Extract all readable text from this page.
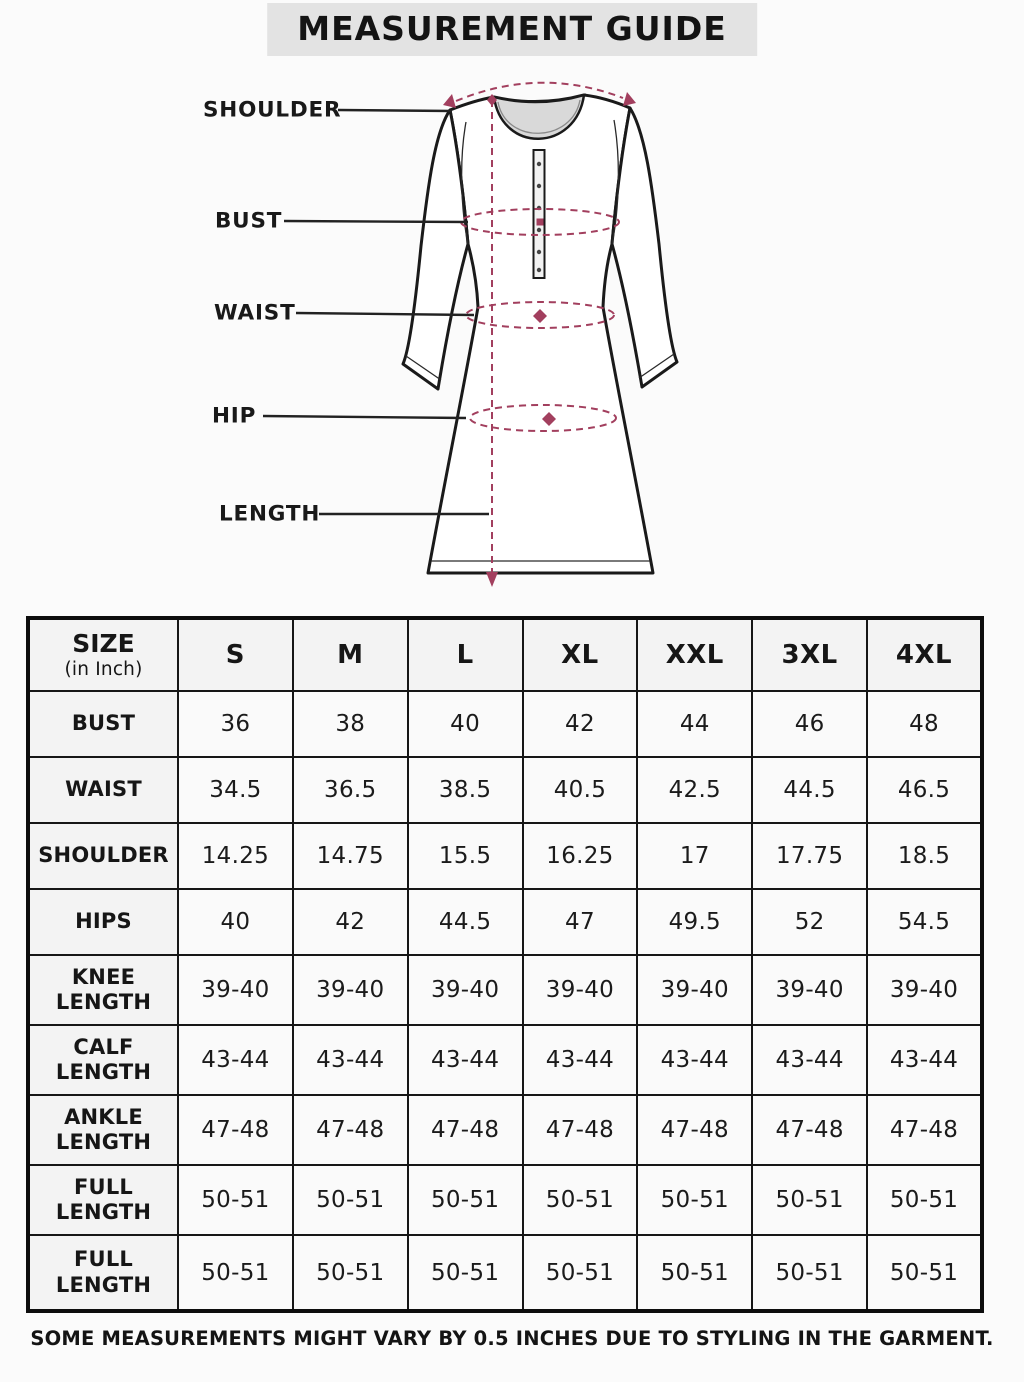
MEASUREMENT GUIDE
SHOULDER
BUST
WAIST
HIP
LENGTH
SIZE
(in Inch)	S	M	L	XL	XXL	3XL	4XL
BUST	36	38	40	42	44	46	48
WAIST	34.5	36.5	38.5	40.5	42.5	44.5	46.5
SHOULDER	14.25	14.75	15.5	16.25	17	17.75	18.5
HIPS	40	42	44.5	47	49.5	52	54.5
KNEE LENGTH	39-40	39-40	39-40	39-40	39-40	39-40	39-40
CALF LENGTH	43-44	43-44	43-44	43-44	43-44	43-44	43-44
ANKLE LENGTH	47-48	47-48	47-48	47-48	47-48	47-48	47-48
FULL LENGTH	50-51	50-51	50-51	50-51	50-51	50-51	50-51
FULL LENGTH	50-51	50-51	50-51	50-51	50-51	50-51	50-51
SOME MEASUREMENTS MIGHT VARY BY 0.5 INCHES DUE TO STYLING IN THE GARMENT.
